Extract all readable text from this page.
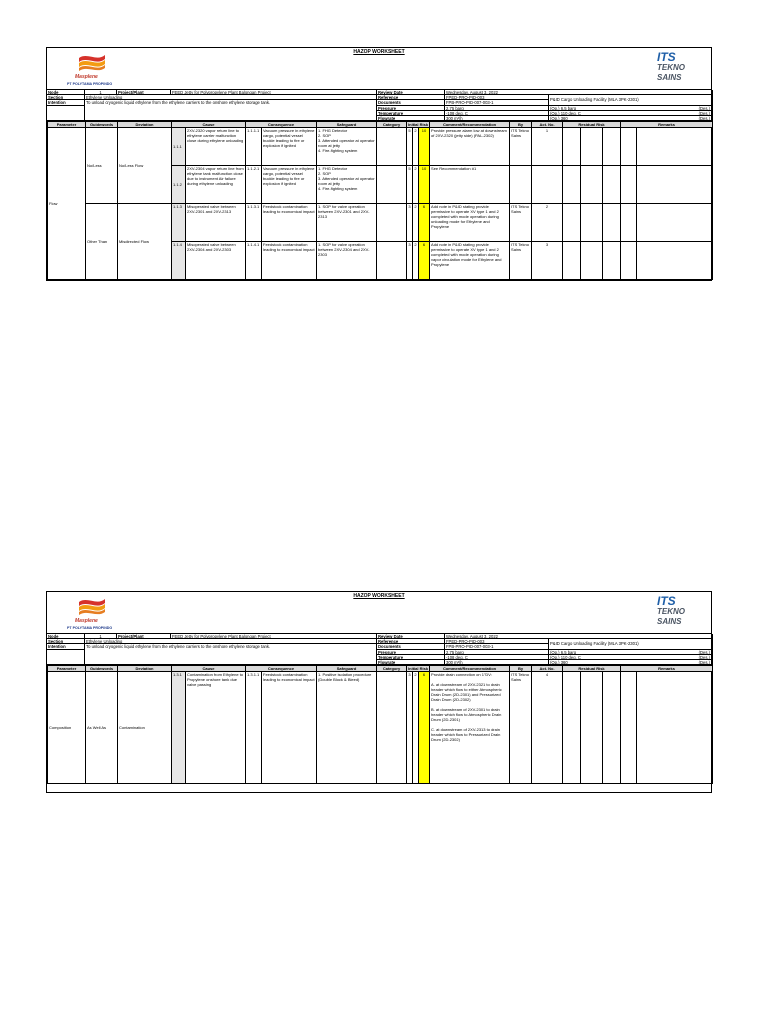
HAZOP WORKSHEET
Masplene
PT POLYTAMA PROPINDO
ITS
TEKNO
SAINS
Node	1	Project/Plant	FEED Jetty for Polypropylene Plant Balongan Project	Review Date	Wednesday, August 3, 2022
Section	Ethylene Unloading	Reference	FPED-PRO-PID-003	P&ID Cargo Unloading Facility (MLA 3PK-2301)
Intention	To unload cryogenic liquid ethylene from the ethylene carriers to the onshore ethylene storage tank.	Documents	FPB-PRO-PID-007-003-1
Pressure	2.75 barg	(Op.) 6.5 barg	(Des.)
Temperature	-108 deg. C	(Op.) 110 deg. C	(Des.)
Flowrate	300 m³/h	(Op.) 360	(Des.)
Parameter	Guidewords	Deviation	Cause		Consequence		Safeguard	Category	Initial Risk			Comment/Recommendation	By	Act. No.	Residual Risk			Remarks	
Flow	No/Less	No/Less Flow	1.1.1	2XV-2320 vapor return line to ethylene carrier malfunction close during ethylene unloading	1.1.1.1	Vacuum pressure in ethylene cargo, potential vessel buckle leading to fire or explosion if ignited	1. FHG Detector
2. SOP
3. Attended operator at operator room at jetty
4. Fire-fighting system		5	2	10	Provide pressure alarm low at downstream of 2XV-2320 (jetty side) (PAL-2302)	ITS Tekno Sains	1					
			1.1.2	2XV-2304 vapor return line from ethylene tank malfunction close due to instrument Air failure during ethylene unloading	1.1.2.1	Vacuum pressure in ethylene cargo, potential vessel buckle leading to fire or explosion if ignited	1. FHG Detector
2. SOP
3. Attended operator at operator room at jetty
4. Fire-fighting system		5	2	10	See Recommendation #1							
	Other Than	Misdirected Flow	1.1.3	Misoperated valve between 2XV-2301 and 2XV-2313	1.1.3.1	Feedstock contamination leading to economical impact	1. SOP for valve operation between 2XV-2301 and 2XV-2313		3	2	6	Add note in P&ID stating provide permissive to operate XV type 1 and 2 completed with mode operation during unloading mode for Ethylene and Propylene	ITS Tekno Sains	2					
			1.1.4	Misoperated valve between 2XV-2304 and 2XV-2303	1.1.4.1	Feedstock contamination leading to economical impact	1. SOP for valve operation between 2XV-2304 and 2XV-2303		3	2	6	Add note in P&ID stating provide permissive to operate XV type 1 and 2 completed with mode operation during vapor circulation mode for Ethylene and Propylene	ITS Tekno Sains	3					
HAZOP WORKSHEET
Masplene
PT POLYTAMA PROPINDO
ITS
TEKNO
SAINS
Node	1	Project/Plant	FEED Jetty for Polypropylene Plant Balongan Project	Review Date	Wednesday, August 3, 2022
Section	Ethylene Unloading	Reference	FPED-PRO-PID-003	P&ID Cargo Unloading Facility (MLA 3PK-2301)
Intention	To unload cryogenic liquid ethylene from the ethylene carriers to the onshore ethylene storage tank.	Documents	FPB-PRO-PID-007-003-1
Pressure	2.75 barg	(Op.) 6.5 barg	(Des.)
Temperature	-108 deg. C	(Op.) 110 deg. C	(Des.)
Flowrate	300 m³/h	(Op.) 360	(Des.)
Parameter	Guidewords	Deviation	Cause		Consequence		Safeguard	Category	Initial Risk			Comment/Recommendation	By	Act. No.	Residual Risk			Remarks	
Composition	As Well As	Contamination	1.3.1	Contamination from Ethylene to Propylene onshore tank due valve passing	1.3.1.1	Feedstock contamination leading to economical impact	1. Positive isolation procedure (Double Block & Bleed)		3	2	6	Provide drain connection on 1"DV:

A. at downstream of 2XV-2321 to drain header which flow to either Atmospheric Drain Drum (2D-2301) and Pressurized Drain Drum (2D-2302)

B. at downstream of 2XV-2301 to drain header which flow to Atmospheric Drain Drum (2D-2301)

C. at downstream of 2XV-2313 to drain header which flow to Pressurized Drain Drum (2D-2302)	ITS Tekno Sains	4					
